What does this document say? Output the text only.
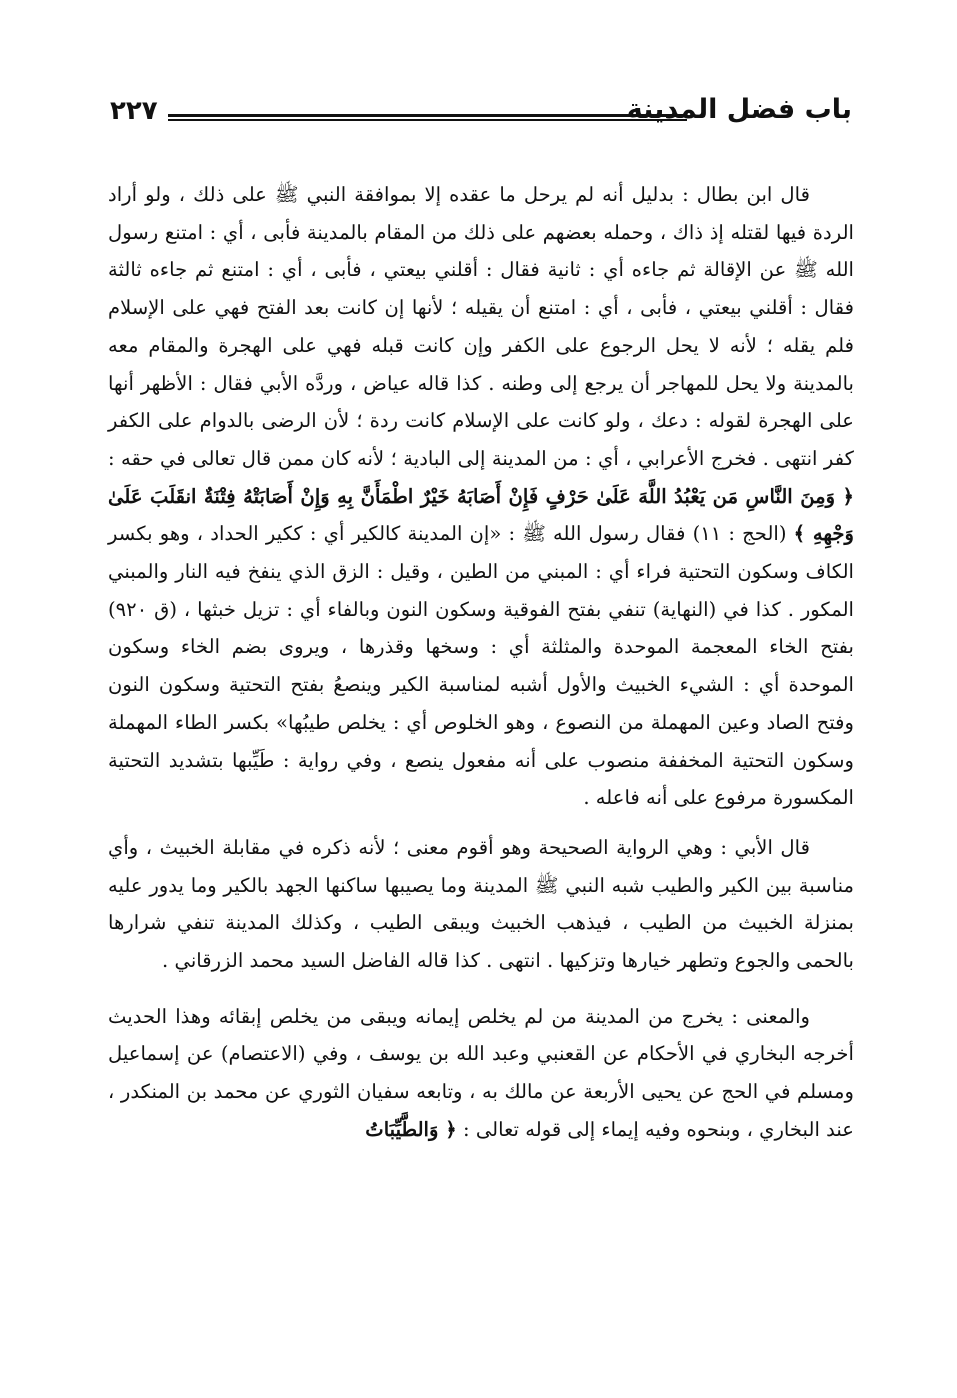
٢٢٧	باب فضل المدينة

قال ابن بطال : بدليل أنه لم يرحل ما عقده إلا بموافقة النبي ﷺ على ذلك ، ولو أراد الردة فيها لقتله إذ ذاك ، وحمله بعضهم على ذلك من المقام بالمدينة فأبى ، أي : امتنع رسول الله ﷺ عن الإقالة ثم جاءه أي : ثانية فقال : أقلني بيعتي ، فأبى ، أي : امتنع ثم جاءه ثالثة فقال : أقلني بيعتي ، فأبى ، أي : امتنع أن يقيله ؛ لأنها إن كانت بعد الفتح فهي على الإسلام فلم يقله ؛ لأنه لا يحل الرجوع على الكفر وإن كانت قبله فهي على الهجرة والمقام معه بالمدينة ولا يحل للمهاجر أن يرجع إلى وطنه . كذا قاله عياض ، وردَّه الأبي فقال : الأظهر أنها على الهجرة لقوله : دعك ، ولو كانت على الإسلام كانت ردة ؛ لأن الرضى بالدوام على الكفر كفر انتهى . فخرج الأعرابي ، أي : من المدينة إلى البادية ؛ لأنه كان ممن قال تعالى في حقه : ﴿ وَمِنَ النَّاسِ مَن يَعْبُدُ اللَّهَ عَلَىٰ حَرْفٍ فَإِنْ أَصَابَهُ خَيْرٌ اطْمَأَنَّ بِهِ وَإِنْ أَصَابَتْهُ فِتْنَةٌ انقَلَبَ عَلَىٰ وَجْهِهِ ﴾ (الحج : ١١) فقال رسول الله ﷺ : «إن المدينة كالكير أي : ككير الحداد ، وهو بكسر الكاف وسكون التحتية فراء أي : المبني من الطين ، وقيل : الزق الذي ينفخ فيه النار والمبني المكور . كذا في (النهاية) تنفي بفتح الفوقية وسكون النون وبالفاء أي : تزيل خبثها ، (ق ٩٢٠) بفتح الخاء المعجمة الموحدة والمثلثة أي : وسخها وقذرها ، ويروى بضم الخاء وسكون الموحدة أي : الشيء الخبيث والأول أشبه لمناسبة الكير وينصعُ بفتح التحتية وسكون النون وفتح الصاد وعين المهملة من النصوع ، وهو الخلوص أي : يخلص طيبُها» بكسر الطاء المهملة وسكون التحتية المخففة منصوب على أنه مفعول ينصع ، وفي رواية : طَيِّبها بتشديد التحتية المكسورة مرفوع على أنه فاعله .

قال الأبي : وهي الرواية الصحيحة وهو أقوم معنى ؛ لأنه ذكره في مقابلة الخبيث ، وأي مناسبة بين الكير والطيب شبه النبي ﷺ المدينة وما يصيبها ساكنها الجهد بالكير وما يدور عليه بمنزلة الخبيث من الطيب ، فيذهب الخبيث ويبقى الطيب ، وكذلك المدينة تنفي شرارها بالحمى والجوع وتطهر خيارها وتزكيها . انتهى . كذا قاله الفاضل السيد محمد الزرقاني .

والمعنى : يخرج من المدينة من لم يخلص إيمانه ويبقى من يخلص إبقائه وهذا الحديث أخرجه البخاري في الأحكام عن القعنبي وعبد الله بن يوسف ، وفي (الاعتصام) عن إسماعيل ومسلم في الحج عن يحيى الأربعة عن مالك به ، وتابعه سفيان الثوري عن محمد بن المنكدر ، عند البخاري ، وبنحوه وفيه إيماء إلى قوله تعالى : ﴿ وَالطَّيِّبَاتُ
